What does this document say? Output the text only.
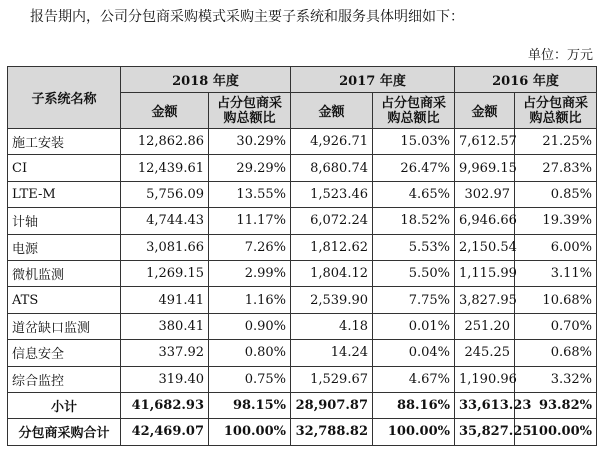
报告期内，公司分包商采购模式采购主要子系统和服务具体明细如下：
单位：万元
子系统名称	2018 年度		2017 年度		2016 年度	
	金额	占分包商采购总额比	金额	占分包商采购总额比	金额	占分包商采购总额比
施工安装	12,862.86	30.29%	4,926.71	15.03%	7,612.57	21.25%
CI	12,439.61	29.29%	8,680.74	26.47%	9,969.15	27.83%
LTE-M	5,756.09	13.55%	1,523.46	4.65%	302.97	0.85%
计轴	4,744.43	11.17%	6,072.24	18.52%	6,946.66	19.39%
电源	3,081.66	7.26%	1,812.62	5.53%	2,150.54	6.00%
微机监测	1,269.15	2.99%	1,804.12	5.50%	1,115.99	3.11%
ATS	491.41	1.16%	2,539.90	7.75%	3,827.95	10.68%
道岔缺口监测	380.41	0.90%	4.18	0.01%	251.20	0.70%
信息安全	337.92	0.80%	14.24	0.04%	245.25	0.68%
综合监控	319.40	0.75%	1,529.67	4.67%	1,190.96	3.32%
小计	41,682.93	98.15%	28,907.87	88.16%	33,613.23	93.82%
分包商采购合计	42,469.07	100.00%	32,788.82	100.00%	35,827.25	100.00%
